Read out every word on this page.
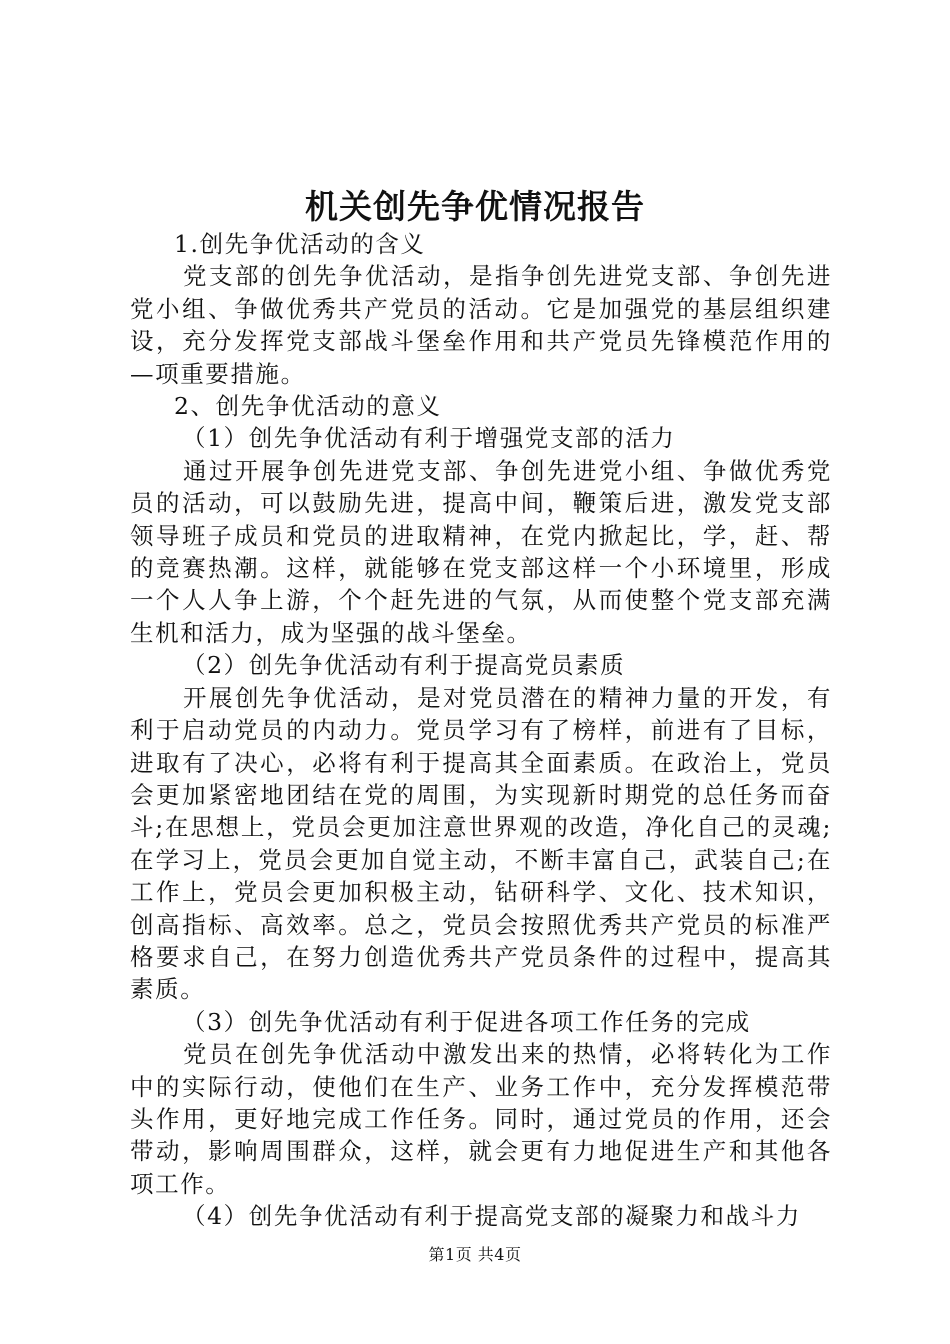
机关创先争优情况报告

1.创先争优活动的含义

党支部的创先争优活动，是指争创先进党支部、争创先进党小组、争做优秀共产党员的活动。它是加强党的基层组织建设，充分发挥党支部战斗堡垒作用和共产党员先锋模范作用的—项重要措施。

2、创先争优活动的意义

（1）创先争优活动有利于增强党支部的活力

通过开展争创先进党支部、争创先进党小组、争做优秀党员的活动，可以鼓励先进，提高中间，鞭策后进，激发党支部领导班子成员和党员的进取精神，在党内掀起比，学，赶、帮的竞赛热潮。这样，就能够在党支部这样一个小环境里，形成一个人人争上游，个个赶先进的气氛，从而使整个党支部充满生机和活力，成为坚强的战斗堡垒。

（2）创先争优活动有利于提高党员素质

开展创先争优活动，是对党员潜在的精神力量的开发，有利于启动党员的内动力。党员学习有了榜样，前进有了目标，进取有了决心，必将有利于提高其全面素质。在政治上，党员会更加紧密地团结在党的周围，为实现新时期党的总任务而奋斗;在思想上，党员会更加注意世界观的改造，净化自己的灵魂;在学习上，党员会更加自觉主动，不断丰富自己，武装自己;在工作上，党员会更加积极主动，钻研科学、文化、技术知识，创高指标、高效率。总之，党员会按照优秀共产党员的标准严格要求自己，在努力创造优秀共产党员条件的过程中，提高其素质。

（3）创先争优活动有利于促进各项工作任务的完成

党员在创先争优活动中激发出来的热情，必将转化为工作中的实际行动，使他们在生产、业务工作中，充分发挥模范带头作用，更好地完成工作任务。同时，通过党员的作用，还会带动，影响周围群众，这样，就会更有力地促进生产和其他各项工作。

（4）创先争优活动有利于提高党支部的凝聚力和战斗力

第1页 共4页
